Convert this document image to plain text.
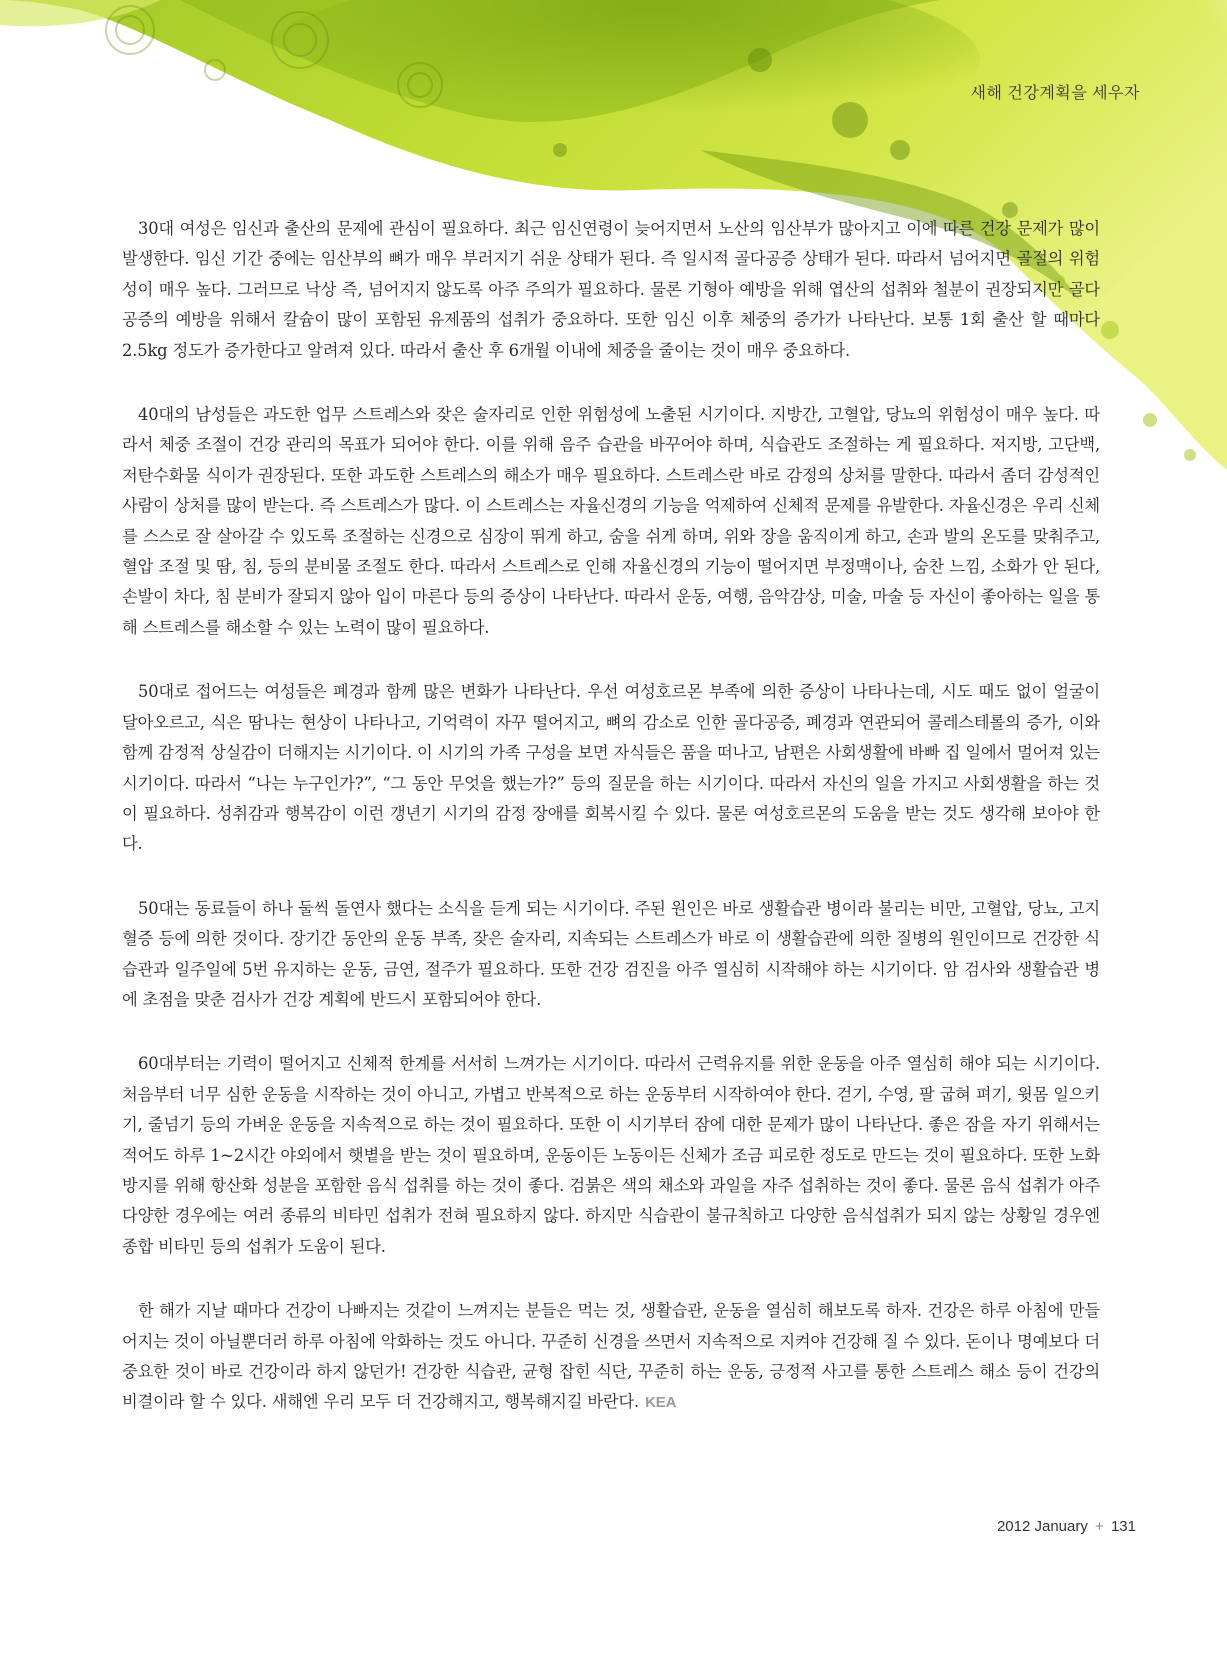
새해 건강계획을 세우자

30대 여성은 임신과 출산의 문제에 관심이 필요하다. 최근 임신연령이 늦어지면서 노산의 임산부가 많아지고 이에 따른 건강 문제가 많이 발생한다. 임신 기간 중에는 임산부의 뼈가 매우 부러지기 쉬운 상태가 된다. 즉 일시적 골다공증 상태가 된다. 따라서 넘어지면 골절의 위험성이 매우 높다. 그러므로 낙상 즉, 넘어지지 않도록 아주 주의가 필요하다. 물론 기형아 예방을 위해 엽산의 섭취와 철분이 권장되지만 골다공증의 예방을 위해서 칼슘이 많이 포함된 유제품의 섭취가 중요하다. 또한 임신 이후 체중의 증가가 나타난다. 보통 1회 출산 할 때마다 2.5kg 정도가 증가한다고 알려져 있다. 따라서 출산 후 6개월 이내에 체중을 줄이는 것이 매우 중요하다.

40대의 남성들은 과도한 업무 스트레스와 잦은 술자리로 인한 위험성에 노출된 시기이다. 지방간, 고혈압, 당뇨의 위험성이 매우 높다. 따라서 체중 조절이 건강 관리의 목표가 되어야 한다. 이를 위해 음주 습관을 바꾸어야 하며, 식습관도 조절하는 게 필요하다. 저지방, 고단백, 저탄수화물 식이가 권장된다. 또한 과도한 스트레스의 해소가 매우 필요하다. 스트레스란 바로 감정의 상처를 말한다. 따라서 좀더 감성적인 사람이 상처를 많이 받는다. 즉 스트레스가 많다. 이 스트레스는 자율신경의 기능을 억제하여 신체적 문제를 유발한다. 자율신경은 우리 신체를 스스로 잘 살아갈 수 있도록 조절하는 신경으로 심장이 뛰게 하고, 숨을 쉬게 하며, 위와 장을 움직이게 하고, 손과 발의 온도를 맞춰주고, 혈압 조절 및 땀, 침, 등의 분비물 조절도 한다. 따라서 스트레스로 인해 자율신경의 기능이 떨어지면 부정맥이나, 숨찬 느낌, 소화가 안 된다, 손발이 차다, 침 분비가 잘되지 않아 입이 마른다 등의 증상이 나타난다. 따라서 운동, 여행, 음악감상, 미술, 마술 등 자신이 좋아하는 일을 통해 스트레스를 해소할 수 있는 노력이 많이 필요하다.

50대로 접어드는 여성들은 폐경과 함께 많은 변화가 나타난다. 우선 여성호르몬 부족에 의한 증상이 나타나는데, 시도 때도 없이 얼굴이 달아오르고, 식은 땀나는 현상이 나타나고, 기억력이 자꾸 떨어지고, 뼈의 감소로 인한 골다공증, 폐경과 연관되어 콜레스테롤의 증가, 이와 함께 감정적 상실감이 더해지는 시기이다. 이 시기의 가족 구성을 보면 자식들은 품을 떠나고, 남편은 사회생활에 바빠 집 일에서 멀어져 있는 시기이다. 따라서 “나는 누구인가?”, “그 동안 무엇을 했는가?” 등의 질문을 하는 시기이다. 따라서 자신의 일을 가지고 사회생활을 하는 것이 필요하다. 성취감과 행복감이 이런 갱년기 시기의 감정 장애를 회복시킬 수 있다. 물론 여성호르몬의 도움을 받는 것도 생각해 보아야 한다.

50대는 동료들이 하나 둘씩 돌연사 했다는 소식을 듣게 되는 시기이다. 주된 원인은 바로 생활습관 병이라 불리는 비만, 고혈압, 당뇨, 고지혈증 등에 의한 것이다. 장기간 동안의 운동 부족, 잦은 술자리, 지속되는 스트레스가 바로 이 생활습관에 의한 질병의 원인이므로 건강한 식습관과 일주일에 5번 유지하는 운동, 금연, 절주가 필요하다. 또한 건강 검진을 아주 열심히 시작해야 하는 시기이다. 암 검사와 생활습관 병에 초점을 맞춘 검사가 건강 계획에 반드시 포함되어야 한다.

60대부터는 기력이 떨어지고 신체적 한계를 서서히 느껴가는 시기이다. 따라서 근력유지를 위한 운동을 아주 열심히 해야 되는 시기이다. 처음부터 너무 심한 운동을 시작하는 것이 아니고, 가볍고 반복적으로 하는 운동부터 시작하여야 한다. 걷기, 수영, 팔 굽혀 펴기, 윗몸 일으키기, 줄넘기 등의 가벼운 운동을 지속적으로 하는 것이 필요하다. 또한 이 시기부터 잠에 대한 문제가 많이 나타난다. 좋은 잠을 자기 위해서는 적어도 하루 1~2시간 야외에서 햇볕을 받는 것이 필요하며, 운동이든 노동이든 신체가 조금 피로한 정도로 만드는 것이 필요하다. 또한 노화 방지를 위해 항산화 성분을 포함한 음식 섭취를 하는 것이 좋다. 검붉은 색의 채소와 과일을 자주 섭취하는 것이 좋다. 물론 음식 섭취가 아주 다양한 경우에는 여러 종류의 비타민 섭취가 전혀 필요하지 않다. 하지만 식습관이 불규칙하고 다양한 음식섭취가 되지 않는 상황일 경우엔 종합 비타민 등의 섭취가 도움이 된다.

한 해가 지날 때마다 건강이 나빠지는 것같이 느껴지는 분들은 먹는 것, 생활습관, 운동을 열심히 해보도록 하자. 건강은 하루 아침에 만들어지는 것이 아닐뿐더러 하루 아침에 악화하는 것도 아니다. 꾸준히 신경을 쓰면서 지속적으로 지켜야 건강해 질 수 있다. 돈이나 명예보다 더 중요한 것이 바로 건강이라 하지 않던가! 건강한 식습관, 균형 잡힌 식단, 꾸준히 하는 운동, 긍정적 사고를 통한 스트레스 해소 등이 건강의 비결이라 할 수 있다. 새해엔 우리 모두 더 건강해지고, 행복해지길 바란다. KEA

2012 January + 131
